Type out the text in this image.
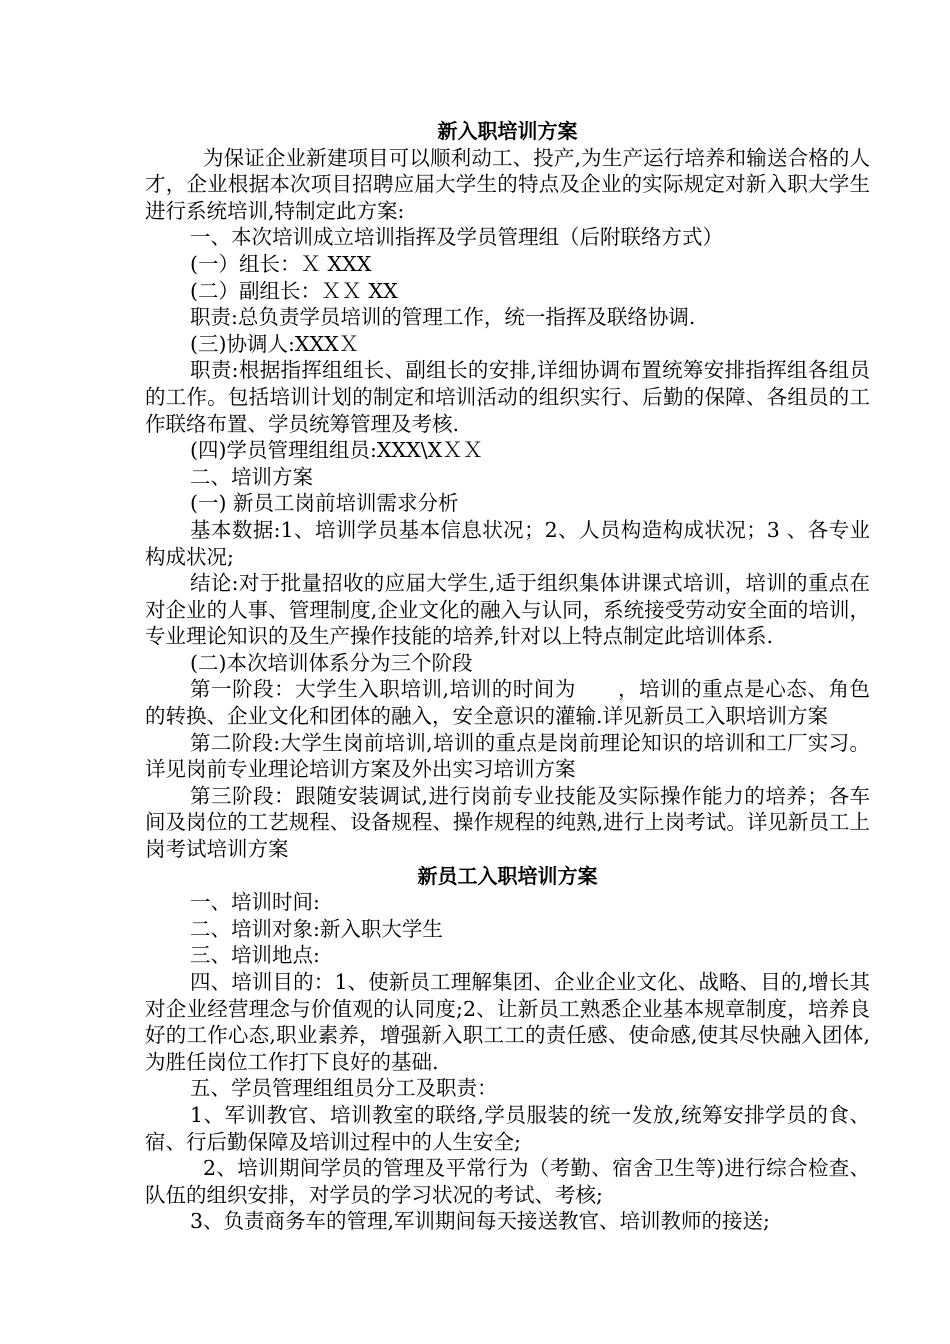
新入职培训方案

为保证企业新建项目可以顺利动工、投产,为生产运行培养和输送合格的人才，企业根据本次项目招聘应届大学生的特点及企业的实际规定对新入职大学生进行系统培训,特制定此方案:

一、本次培训成立培训指挥及学员管理组（后附联络方式）

(一）组长：Ｘ XXX

(二）副组长：ＸＸ XX

职责:总负责学员培训的管理工作，统一指挥及联络协调.

(三)协调人:XXXＸ

职责:根据指挥组组长、副组长的安排,详细协调布置统筹安排指挥组各组员的工作。包括培训计划的制定和培训活动的组织实行、后勤的保障、各组员的工作联络布置、学员统筹管理及考核.

(四)学员管理组组员:XXX\XＸＸ

二、培训方案

(一) 新员工岗前培训需求分析

基本数据:1、培训学员基本信息状况；2、人员构造构成状况；3 、各专业构成状况;

结论:对于批量招收的应届大学生,适于组织集体讲课式培训，培训的重点在对企业的人事、管理制度,企业文化的融入与认同，系统接受劳动安全面的培训，专业理论知识的及生产操作技能的培养,针对以上特点制定此培训体系.

(二)本次培训体系分为三个阶段

第一阶段：大学生入职培训,培训的时间为　　，培训的重点是心态、角色的转换、企业文化和团体的融入，安全意识的灌输.详见新员工入职培训方案

第二阶段:大学生岗前培训,培训的重点是岗前理论知识的培训和工厂实习。详见岗前专业理论培训方案及外出实习培训方案

第三阶段：跟随安装调试,进行岗前专业技能及实际操作能力的培养；各车间及岗位的工艺规程、设备规程、操作规程的纯熟,进行上岗考试。详见新员工上岗考试培训方案

新员工入职培训方案

一、培训时间:

二、培训对象:新入职大学生

三、培训地点:

四、培训目的：1、使新员工理解集团、企业企业文化、战略、目的,增长其对企业经营理念与价值观的认同度;2、让新员工熟悉企业基本规章制度，培养良好的工作心态,职业素养，增强新入职工工的责任感、使命感,使其尽快融入团体,为胜任岗位工作打下良好的基础.

五、学员管理组组员分工及职责：

1、军训教官、培训教室的联络,学员服装的统一发放,统筹安排学员的食、宿、行后勤保障及培训过程中的人生安全;

2、培训期间学员的管理及平常行为（考勤、宿舍卫生等)进行综合检查、队伍的组织安排，对学员的学习状况的考试、考核;

3、负责商务车的管理,军训期间每天接送教官、培训教师的接送;
